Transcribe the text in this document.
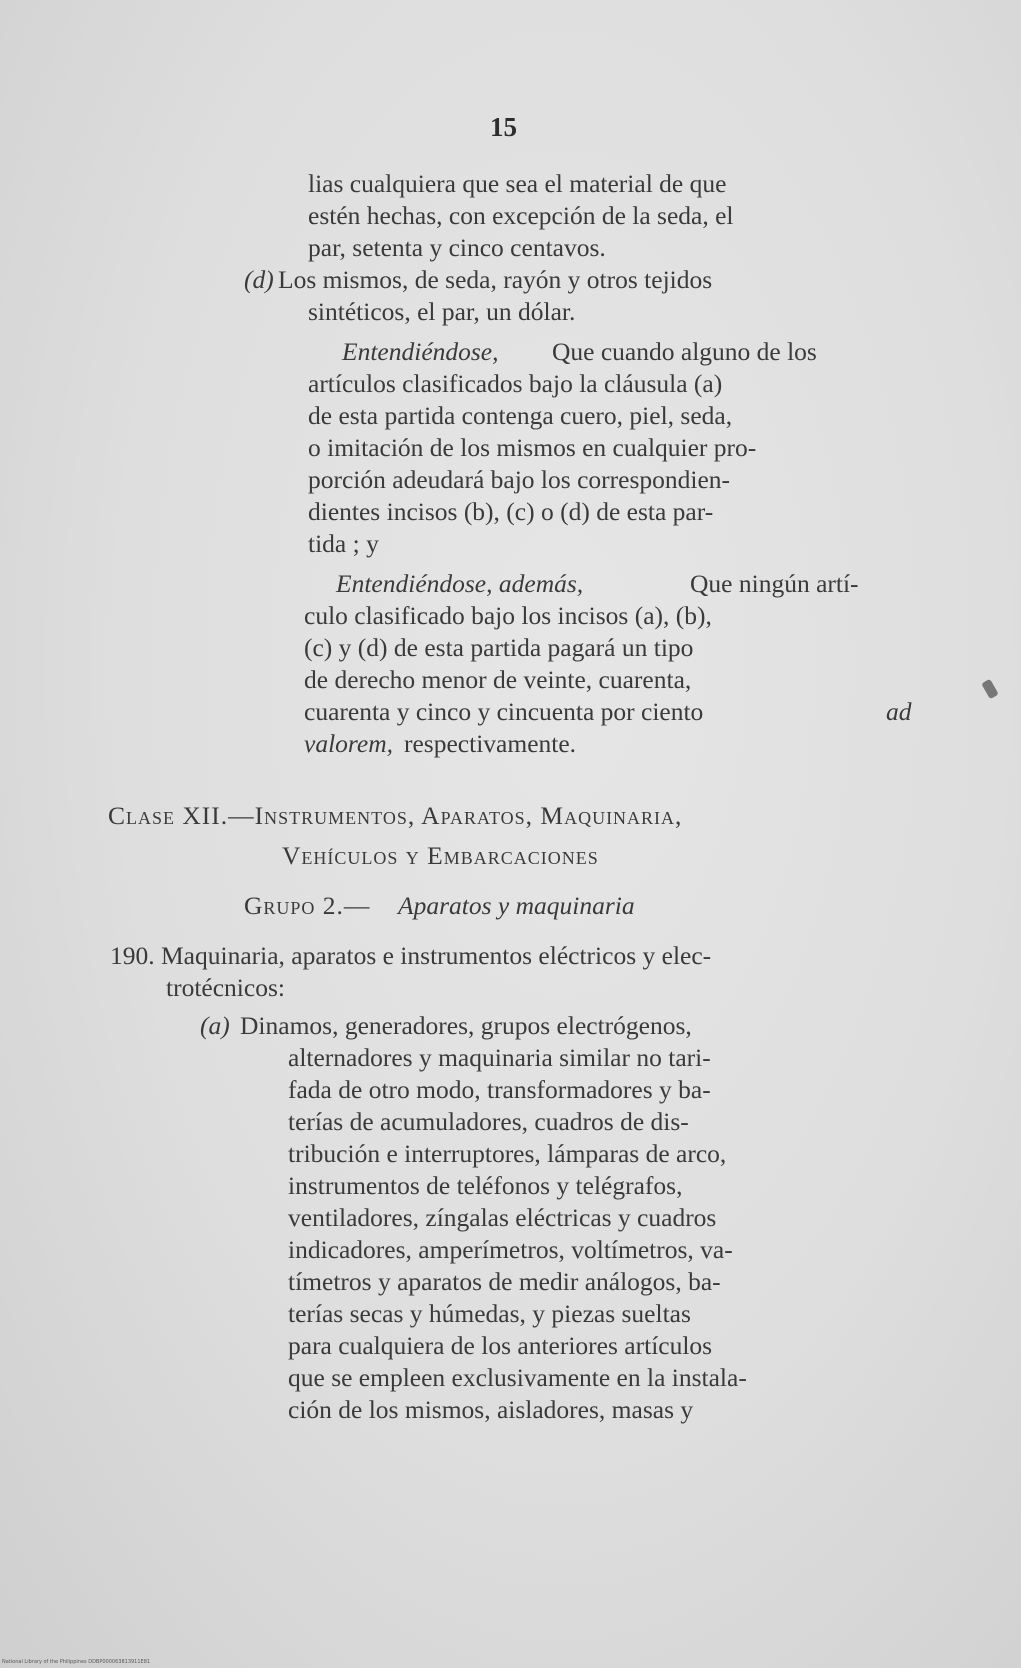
15
lias cualquiera que sea el material de que
estén hechas, con excepción de la seda, el
par, setenta y cinco centavos.
(d) Los mismos, de seda, rayón y otros tejidos
sintéticos, el par, un dólar.
Entendiéndose, Que cuando alguno de los
artículos clasificados bajo la cláusula (a)
de esta partida contenga cuero, piel, seda,
o imitación de los mismos en cualquier pro-
porción adeudará bajo los correspondien-
dientes incisos (b), (c) o (d) de esta par-
tida ; y
Entendiéndose, además,	Que ningún artí-
culo clasificado bajo los incisos (a), (b),
(c) y (d) de esta partida pagará un tipo
de derecho menor de veinte, cuarenta,
cuarenta y cinco y cincuenta por ciento	ad
valorem, respectivamente.
Clase XII.—Instrumentos, Aparatos, Maquinaria,
Vehículos y Embarcaciones
Grupo 2.— Aparatos y maquinaria
190. Maquinaria, aparatos e instrumentos eléctricos y elec-
trotécnicos:
(a) Dinamos, generadores, grupos electrógenos,
alternadores y maquinaria similar no tari-
fada de otro modo, transformadores y ba-
terías de acumuladores, cuadros de dis-
tribución e interruptores, lámparas de arco,
instrumentos de teléfonos y telégrafos,
ventiladores, zíngalas eléctricas y cuadros
indicadores, amperímetros, voltímetros, va-
tímetros y aparatos de medir análogos, ba-
terías secas y húmedas, y piezas sueltas
para cualquiera de los anteriores artículos
que se empleen exclusivamente en la instala-
ción de los mismos, aisladores, masas y
National Library of the Philippines DDBP000063813911E81
